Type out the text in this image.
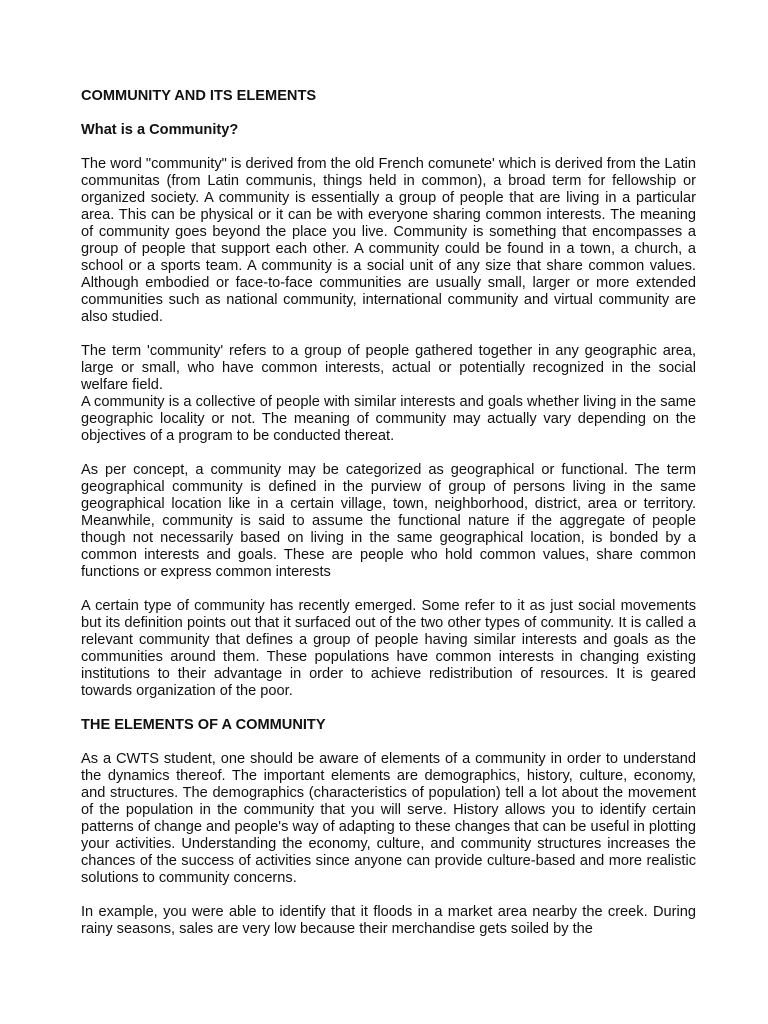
COMMUNITY AND ITS ELEMENTS
What is a Community?

The word "community" is derived from the old French comunete' which is derived from the Latin communitas (from Latin communis, things held in common), a broad term for fellowship or organized society. A community is essentially a group of people that are living in a particular area. This can be physical or it can be with everyone sharing common interests. The meaning of community goes beyond the place you live. Community is something that encompasses a group of people that support each other. A community could be found in a town, a church, a school or a sports team. A community is a social unit of any size that share common values. Although embodied or face-to-face communities are usually small, larger or more extended communities such as national community, international community and virtual community are also studied.

The term 'community' refers to a group of people gathered together in any geographic area, large or small, who have common interests, actual or potentially recognized in the social welfare field.

A community is a collective of people with similar interests and goals whether living in the same geographic locality or not. The meaning of community may actually vary depending on the objectives of a program to be conducted thereat.

As per concept, a community may be categorized as geographical or functional. The term geographical community is defined in the purview of group of persons living in the same geographical location like in a certain village, town, neighborhood, district, area or territory. Meanwhile, community is said to assume the functional nature if the aggregate of people though not necessarily based on living in the same geographical location, is bonded by a common interests and goals. These are people who hold common values, share common functions or express common interests

A certain type of community has recently emerged. Some refer to it as just social movements but its definition points out that it surfaced out of the two other types of community. It is called a relevant community that defines a group of people having similar interests and goals as the communities around them. These populations have common interests in changing existing institutions to their advantage in order to achieve redistribution of resources. It is geared towards organization of the poor.

THE ELEMENTS OF A COMMUNITY

As a CWTS student, one should be aware of elements of a community in order to understand the dynamics thereof. The important elements are demographics, history, culture, economy, and structures. The demographics (characteristics of population) tell a lot about the movement of the population in the community that you will serve. History allows you to identify certain patterns of change and people's way of adapting to these changes that can be useful in plotting your activities. Understanding the economy, culture, and community structures increases the chances of the success of activities since anyone can provide culture-based and more realistic solutions to community concerns.

In example, you were able to identify that it floods in a market area nearby the creek. During rainy seasons, sales are very low because their merchandise gets soiled by the
